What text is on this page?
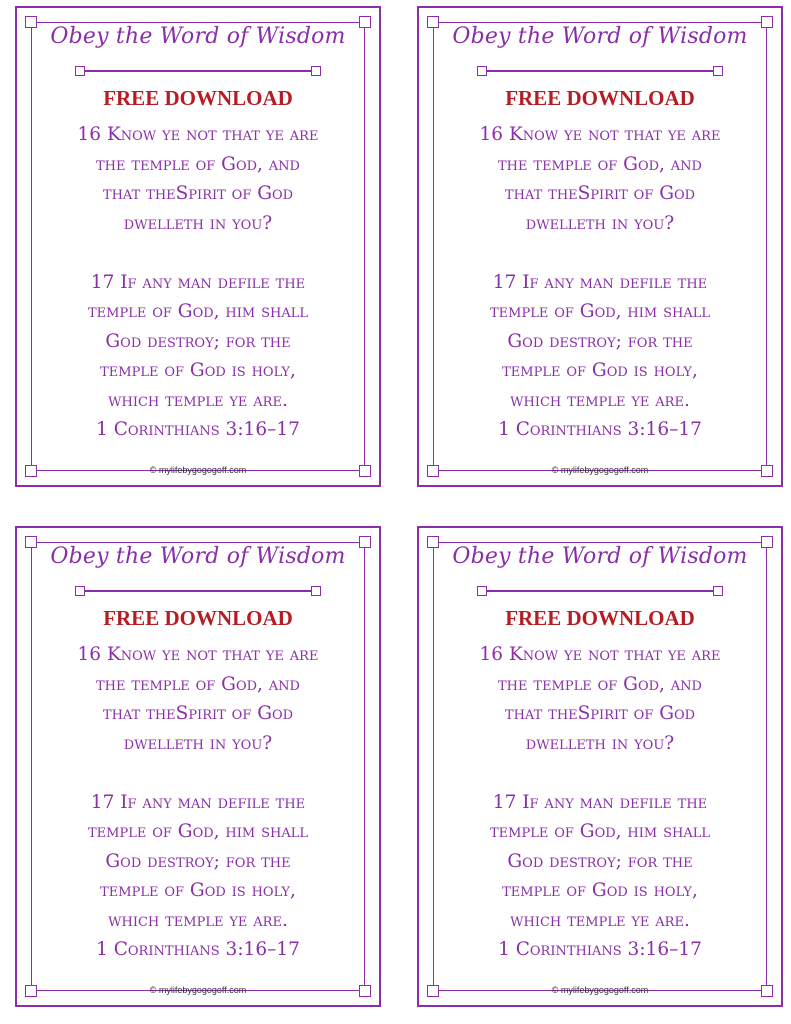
Obey the Word of Wisdom
FREE DOWNLOAD
16 Know ye not that ye are
the temple of God, and
that theSpirit of God
dwelleth in you?
17 If any man defile the
temple of God, him shall
God destroy; for the
temple of God is holy,
which temple ye are.
1 Corinthians 3:16–17
© mylifebygogogoff.com
Obey the Word of Wisdom
FREE DOWNLOAD
16 Know ye not that ye are
the temple of God, and
that theSpirit of God
dwelleth in you?
17 If any man defile the
temple of God, him shall
God destroy; for the
temple of God is holy,
which temple ye are.
1 Corinthians 3:16–17
© mylifebygogogoff.com
Obey the Word of Wisdom
FREE DOWNLOAD
16 Know ye not that ye are
the temple of God, and
that theSpirit of God
dwelleth in you?
17 If any man defile the
temple of God, him shall
God destroy; for the
temple of God is holy,
which temple ye are.
1 Corinthians 3:16–17
© mylifebygogogoff.com
Obey the Word of Wisdom
FREE DOWNLOAD
16 Know ye not that ye are
the temple of God, and
that theSpirit of God
dwelleth in you?
17 If any man defile the
temple of God, him shall
God destroy; for the
temple of God is holy,
which temple ye are.
1 Corinthians 3:16–17
© mylifebygogogoff.com
